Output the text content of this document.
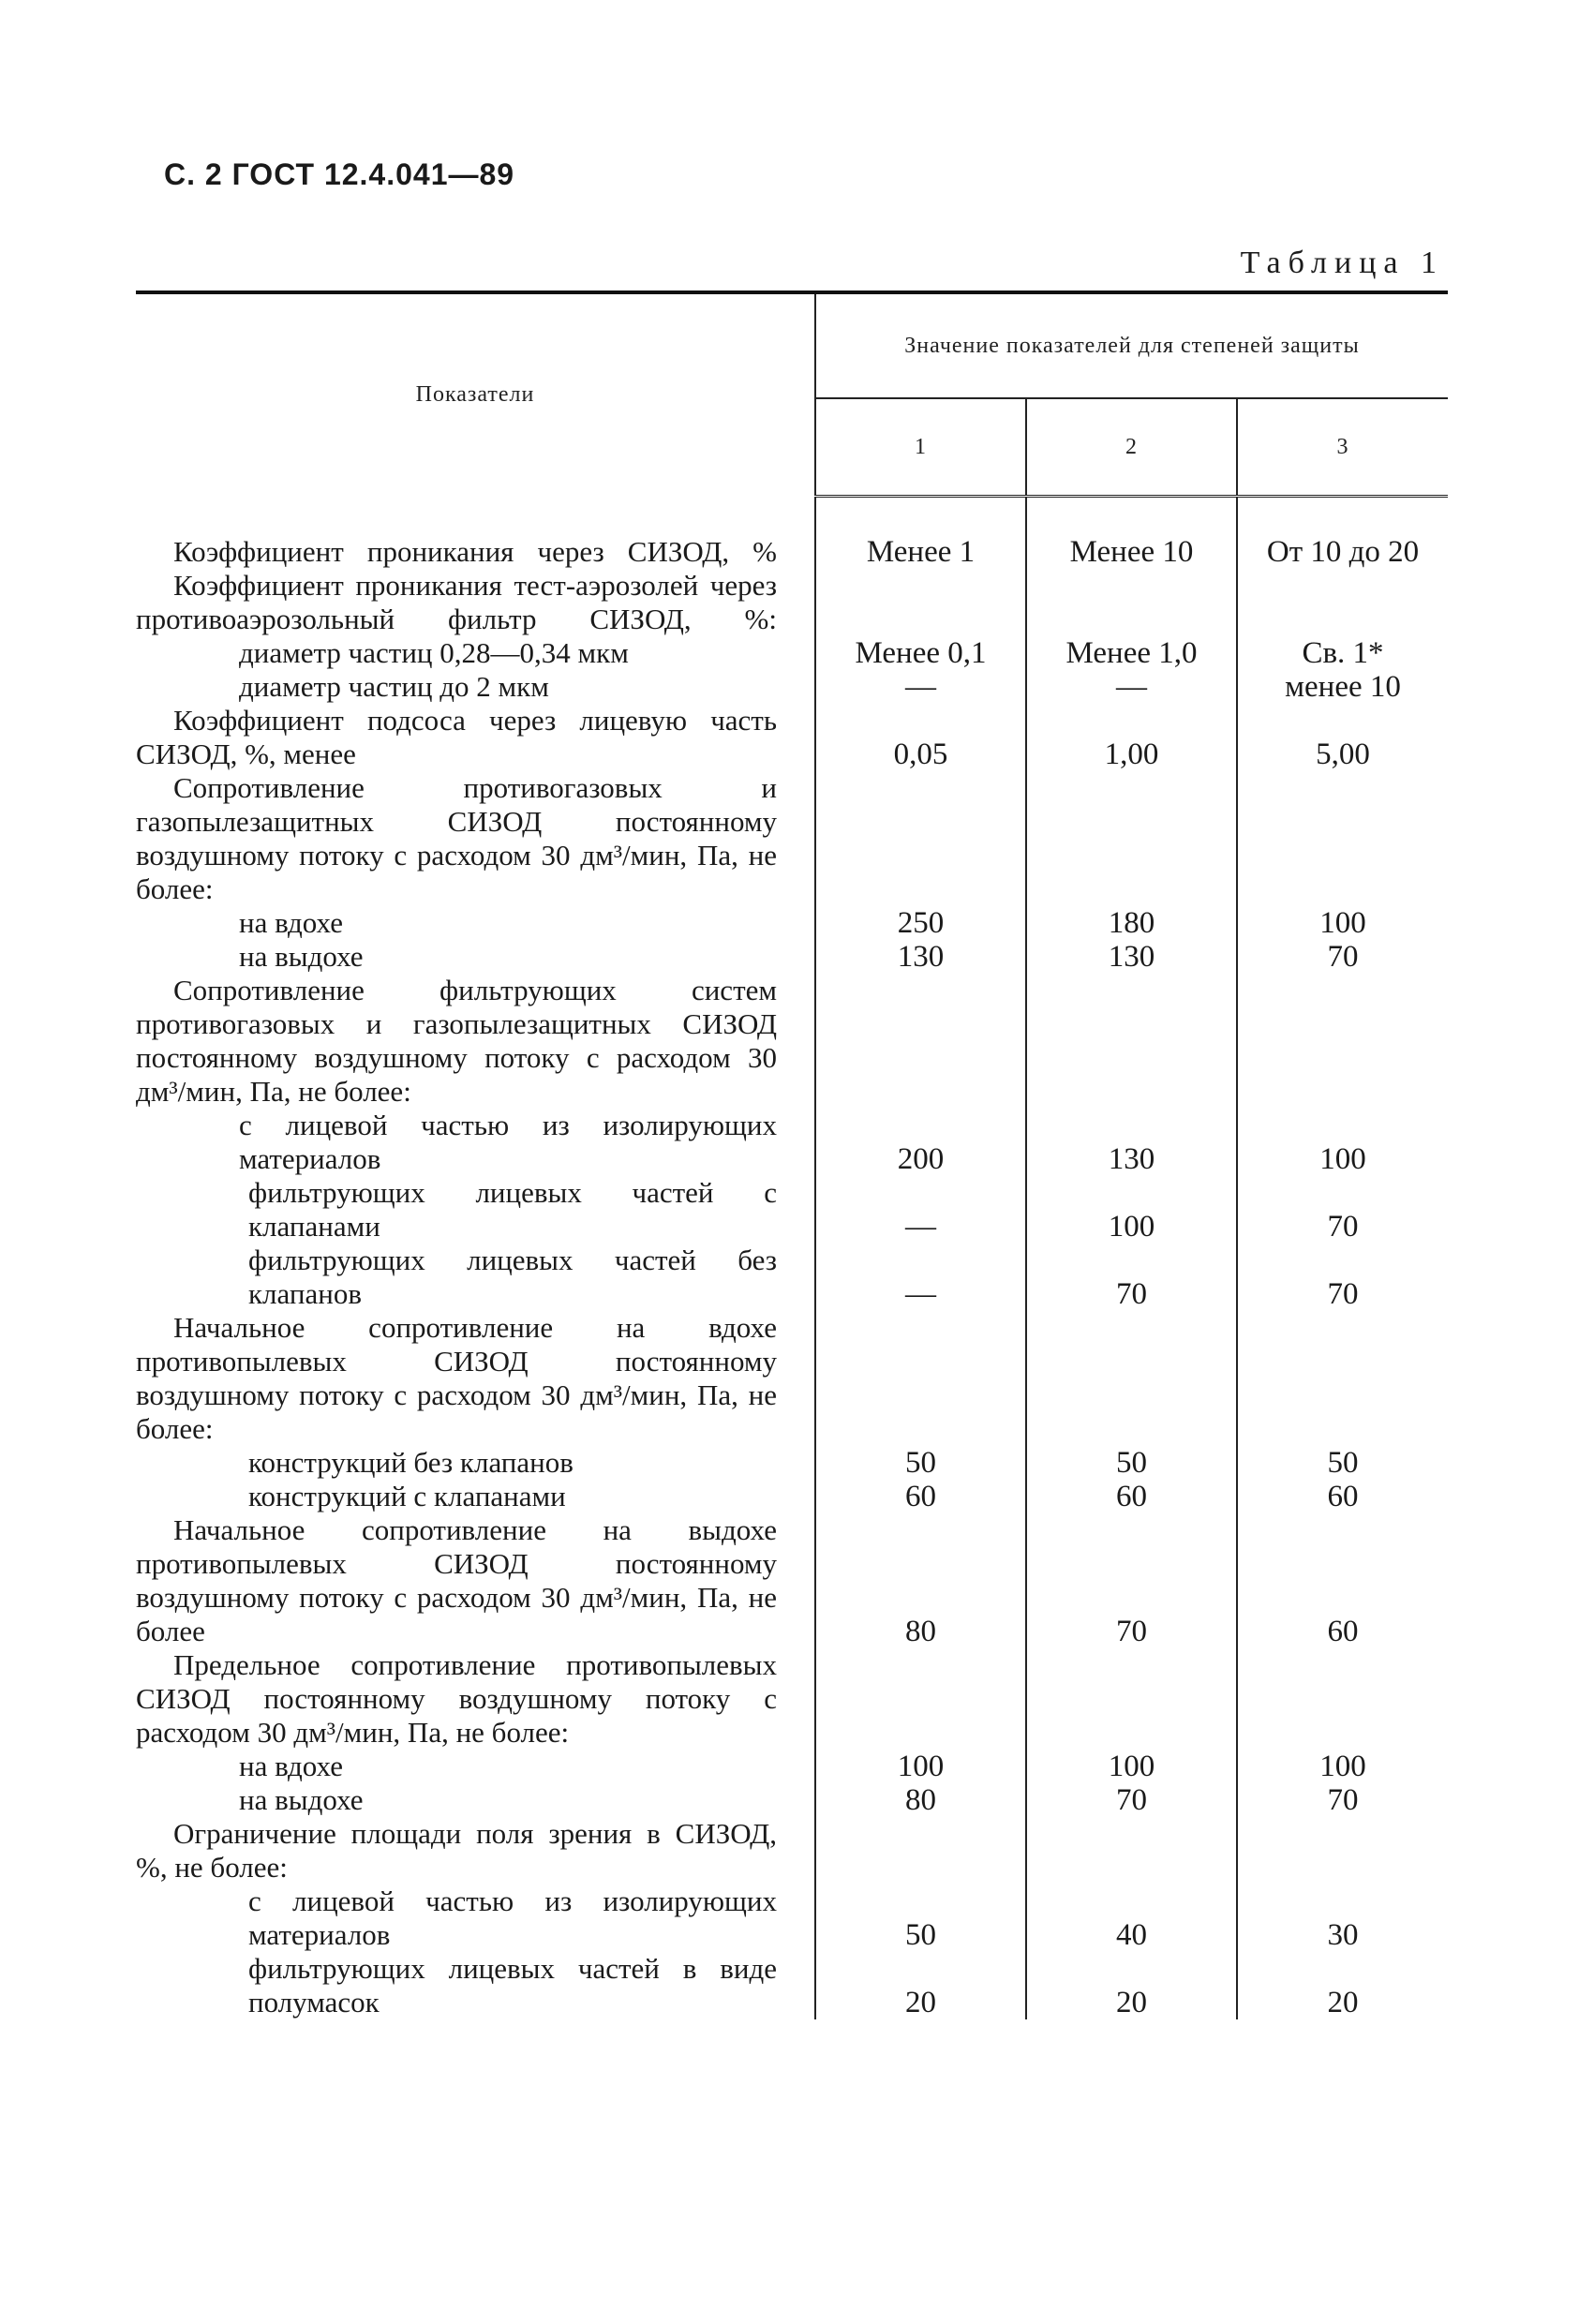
С. 2 ГОСТ 12.4.041—89
Таблица 1
Показатели	Значение показателей для степеней защиты		
	1	2	3
Коэффициент проникания через СИЗОД, %	Менее 1	Менее 10	От 10 до 20
Коэффициент проникания тест-аэрозолей через противоаэрозольный фильтр СИЗОД, %:			
диаметр частиц 0,28—0,34 мкм	Менее 0,1	Менее 1,0	Св. 1*
диаметр частиц до 2 мкм	—	—	менее 10
Коэффициент подсоса через лицевую часть СИЗОД, %, менее	0,05	1,00	5,00
Сопротивление противогазовых и газопылезащитных СИЗОД постоянному воздушному потоку с расходом 30 дм³/мин, Па, не более:			
на вдохе	250	180	100
на выдохе	130	130	70
Сопротивление фильтрующих систем противогазовых и газопылезащитных СИЗОД постоянному воздушному потоку с расходом 30 дм³/мин, Па, не более:			
с лицевой частью из изолирующих материалов	200	130	100
фильтрующих лицевых частей с клапанами	—	100	70
фильтрующих лицевых частей без клапанов	—	70	70
Начальное сопротивление на вдохе противопылевых СИЗОД постоянному воздушному потоку с расходом 30 дм³/мин, Па, не более:			
конструкций без клапанов	50	50	50
конструкций с клапанами	60	60	60
Начальное сопротивление на выдохе противопылевых СИЗОД постоянному воздушному потоку с расходом 30 дм³/мин, Па, не более	80	70	60
Предельное сопротивление противопылевых СИЗОД постоянному воздушному потоку с расходом 30 дм³/мин, Па, не более:			
на вдохе	100	100	100
на выдохе	80	70	70
Ограничение площади поля зрения в СИЗОД, %, не более:			
с лицевой частью из изолирующих материалов	50	40	30
фильтрующих лицевых частей в виде полумасок	20	20	20
